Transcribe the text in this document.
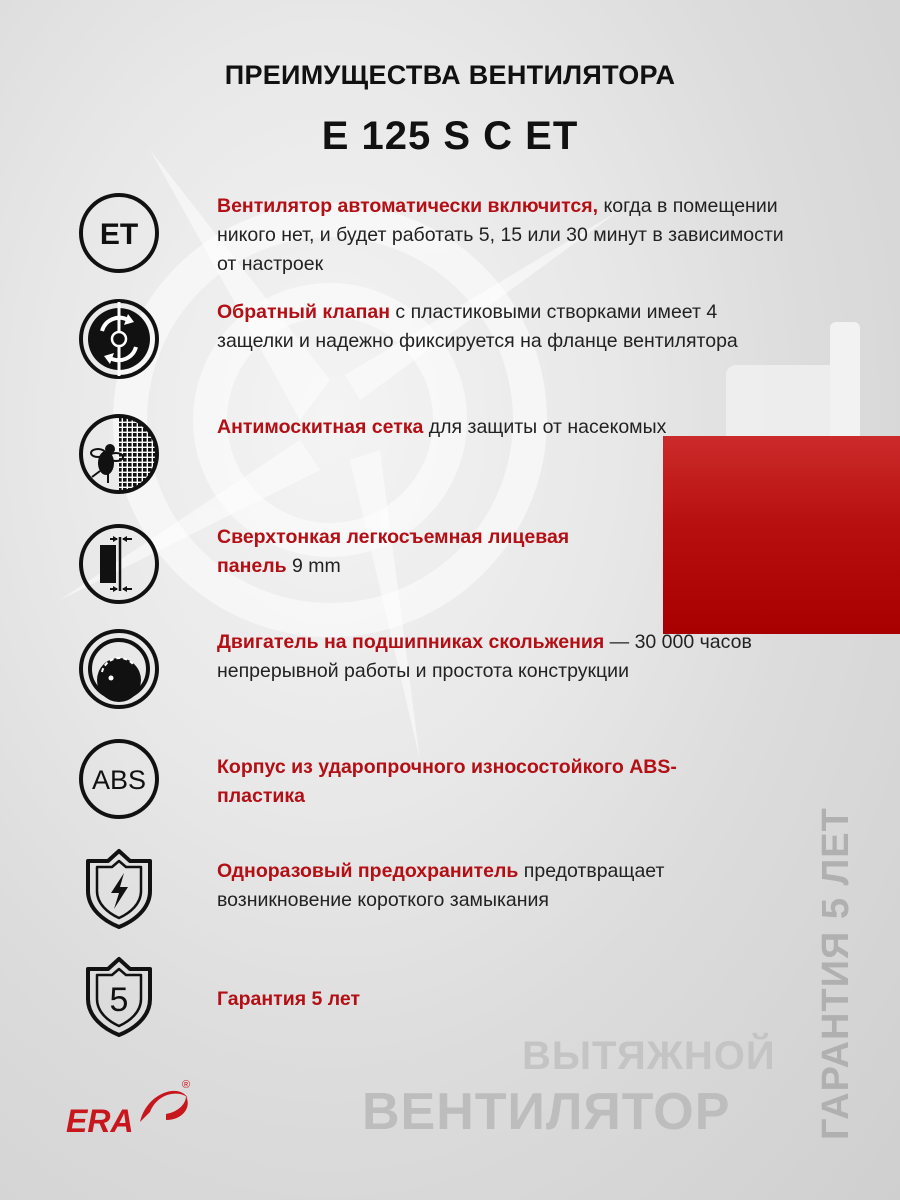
ПРЕИМУЩЕСТВА ВЕНТИЛЯТОРА
E 125 S C ET
ET
Вентилятор автоматически включится, когда в помещении никого нет, и будет работать 5, 15 или 30 минут в зависимости от настроек
Обратный клапан с пластиковыми створками имеет 4 защелки и надежно фиксируется на фланце вентилятора
Антимоскитная сетка для защиты от насекомых
Сверхтонкая легкосъемная лицевая панель 9 mm
Двигатель на подшипниках скольжения — 30 000 часов непрерывной работы и простота конструкции
ABS	Корпус из ударопрочного износостойкого ABS-пластика
Одноразовый предохранитель предотвращает возникновение короткого замыкания
5	Гарантия 5 лет
ВЫТЯЖНОЙ
ВЕНТИЛЯТОР ГАРАНТИЯ 5 ЛЕТ
ERA
®
